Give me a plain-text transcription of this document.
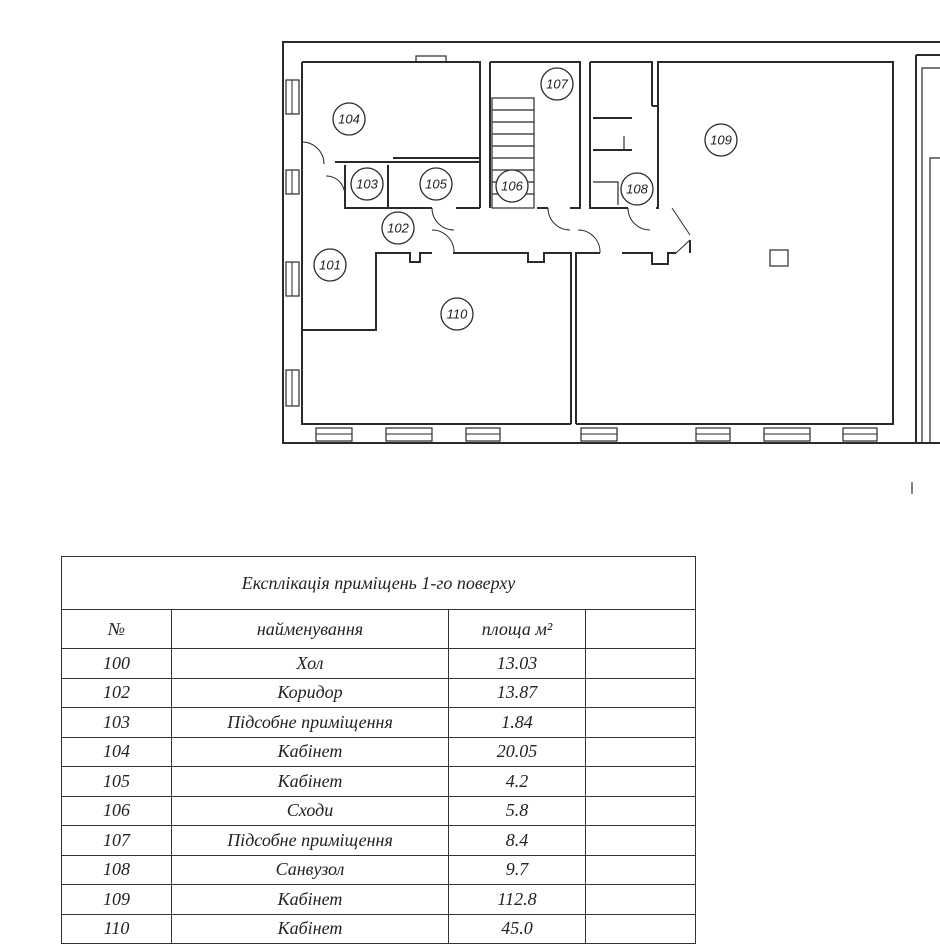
101
102
103
104
105	106
107
108
109
110
Експлікація приміщень 1-го поверху			
№	найменування	площа м²	
100	Хол	13.03	
102	Коридор	13.87	
103	Підсобне приміщення	1.84	
104	Кабінет	20.05	
105	Кабінет	4.2	
106	Сходи	5.8	
107	Підсобне приміщення	8.4	
108	Санвузол	9.7	
109	Кабінет	112.8	
110	Кабінет	45.0	
